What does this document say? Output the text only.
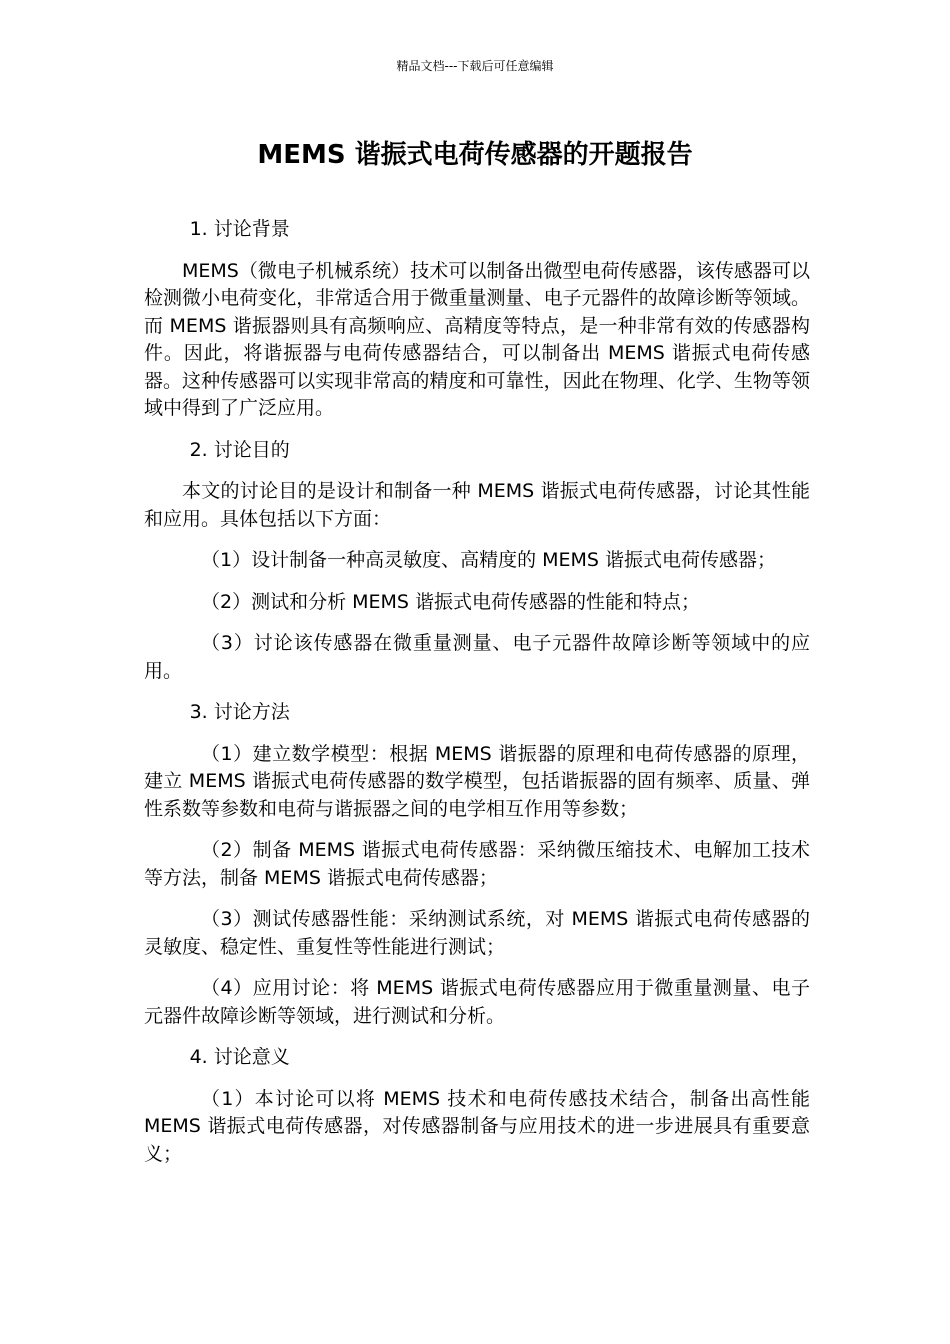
精品文档---下载后可任意编辑
MEMS 谐振式电荷传感器的开题报告

1. 讨论背景

MEMS（微电子机械系统）技术可以制备出微型电荷传感器，该传感器可以检测微小电荷变化，非常适合用于微重量测量、电子元器件的故障诊断等领域。而 MEMS 谐振器则具有高频响应、高精度等特点，是一种非常有效的传感器构件。因此，将谐振器与电荷传感器结合，可以制备出 MEMS 谐振式电荷传感器。这种传感器可以实现非常高的精度和可靠性，因此在物理、化学、生物等领域中得到了广泛应用。

2. 讨论目的

本文的讨论目的是设计和制备一种 MEMS 谐振式电荷传感器，讨论其性能和应用。具体包括以下方面：

（1）设计制备一种高灵敏度、高精度的 MEMS 谐振式电荷传感器；

（2）测试和分析 MEMS 谐振式电荷传感器的性能和特点；

（3）讨论该传感器在微重量测量、电子元器件故障诊断等领域中的应用。

3. 讨论方法

（1）建立数学模型：根据 MEMS 谐振器的原理和电荷传感器的原理，建立 MEMS 谐振式电荷传感器的数学模型，包括谐振器的固有频率、质量、弹性系数等参数和电荷与谐振器之间的电学相互作用等参数；

（2）制备 MEMS 谐振式电荷传感器：采纳微压缩技术、电解加工技术等方法，制备 MEMS 谐振式电荷传感器；

（3）测试传感器性能：采纳测试系统，对 MEMS 谐振式电荷传感器的灵敏度、稳定性、重复性等性能进行测试；

（4）应用讨论：将 MEMS 谐振式电荷传感器应用于微重量测量、电子元器件故障诊断等领域，进行测试和分析。

4. 讨论意义

（1）本讨论可以将 MEMS 技术和电荷传感技术结合，制备出高性能 MEMS 谐振式电荷传感器，对传感器制备与应用技术的进一步进展具有重要意义；
